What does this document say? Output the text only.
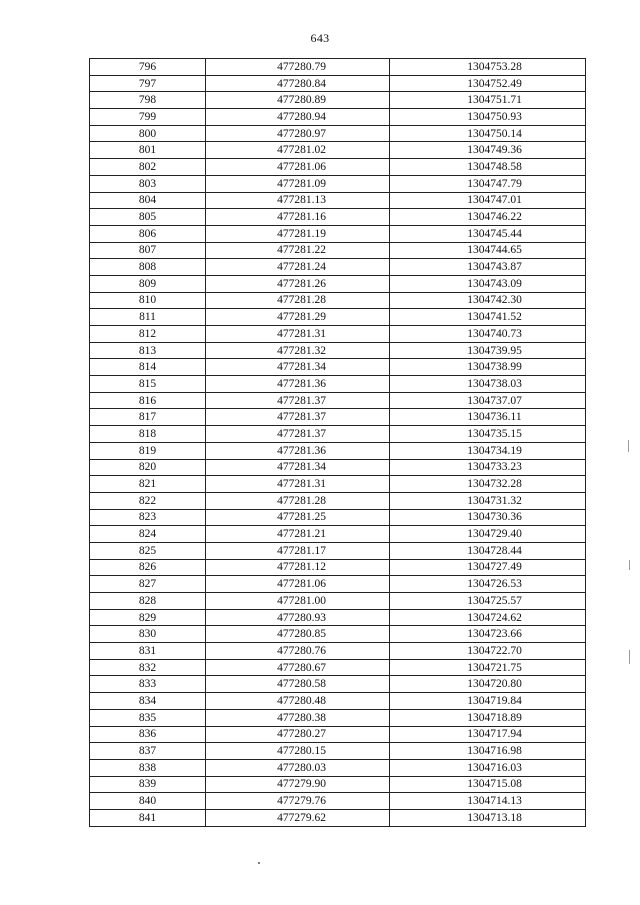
643
796	477280.79	1304753.28
797	477280.84	1304752.49
798	477280.89	1304751.71
799	477280.94	1304750.93
800	477280.97	1304750.14
801	477281.02	1304749.36
802	477281.06	1304748.58
803	477281.09	1304747.79
804	477281.13	1304747.01
805	477281.16	1304746.22
806	477281.19	1304745.44
807	477281.22	1304744.65
808	477281.24	1304743.87
809	477281.26	1304743.09
810	477281.28	1304742.30
811	477281.29	1304741.52
812	477281.31	1304740.73
813	477281.32	1304739.95
814	477281.34	1304738.99
815	477281.36	1304738.03
816	477281.37	1304737.07
817	477281.37	1304736.11
818	477281.37	1304735.15
819	477281.36	1304734.19
820	477281.34	1304733.23
821	477281.31	1304732.28
822	477281.28	1304731.32
823	477281.25	1304730.36
824	477281.21	1304729.40
825	477281.17	1304728.44
826	477281.12	1304727.49
827	477281.06	1304726.53
828	477281.00	1304725.57
829	477280.93	1304724.62
830	477280.85	1304723.66
831	477280.76	1304722.70
832	477280.67	1304721.75
833	477280.58	1304720.80
834	477280.48	1304719.84
835	477280.38	1304718.89
836	477280.27	1304717.94
837	477280.15	1304716.98
838	477280.03	1304716.03
839	477279.90	1304715.08
840	477279.76	1304714.13
841	477279.62	1304713.18
